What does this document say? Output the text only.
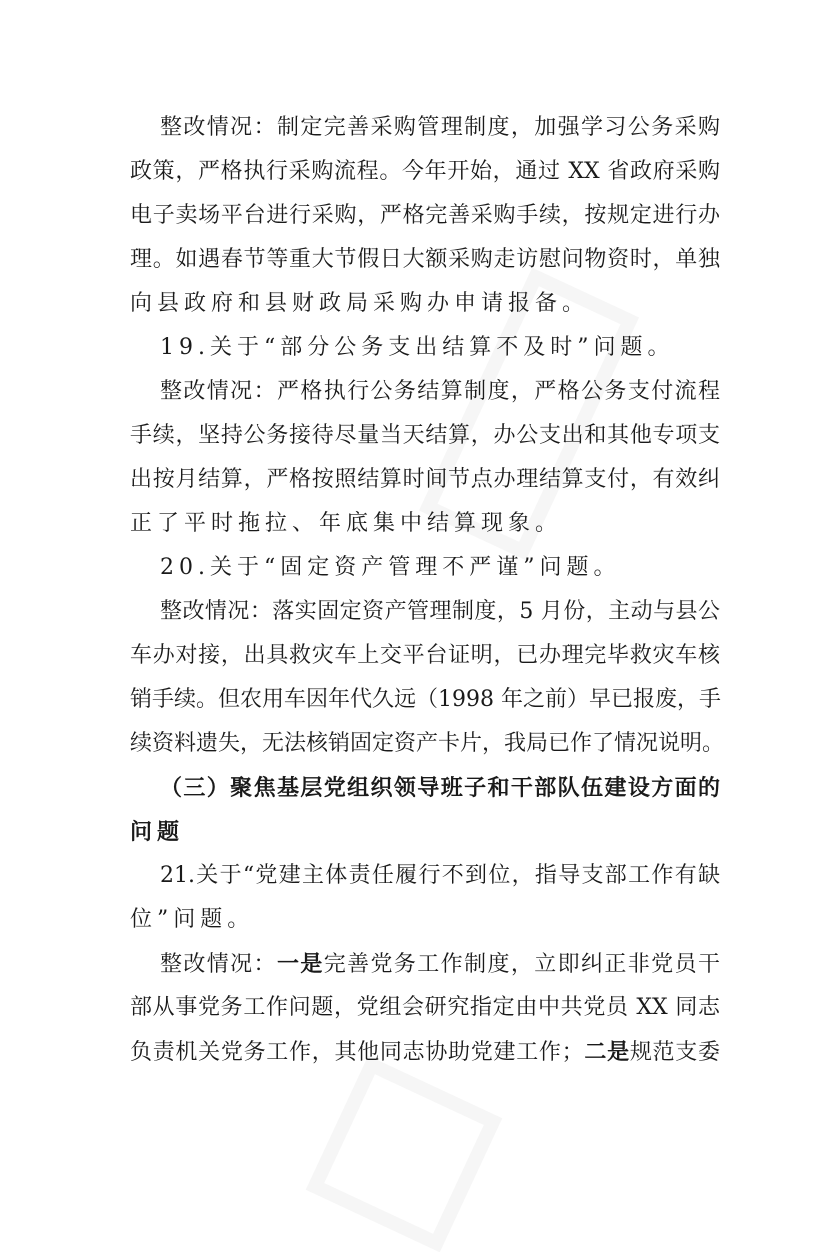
整改情况：制定完善采购管理制度，加强学习公务采购
政策，严格执行采购流程。今年开始，通过 XX 省政府采购
电子卖场平台进行采购，严格完善采购手续，按规定进行办
理。如遇春节等重大节假日大额采购走访慰问物资时，单独
向县政府和县财政局采购办申请报备。
19.关于“部分公务支出结算不及时”问题。
整改情况：严格执行公务结算制度，严格公务支付流程
手续，坚持公务接待尽量当天结算，办公支出和其他专项支
出按月结算，严格按照结算时间节点办理结算支付，有效纠
正了平时拖拉、年底集中结算现象。
20.关于“固定资产管理不严谨”问题。
整改情况：落实固定资产管理制度，5 月份，主动与县公
车办对接，出具救灾车上交平台证明，已办理完毕救灾车核
销手续。但农用车因年代久远（1998 年之前）早已报废，手
续资料遗失，无法核销固定资产卡片，我局已作了情况说明。
（三）聚焦基层党组织领导班子和干部队伍建设方面的
问题
21.关于“党建主体责任履行不到位，指导支部工作有缺
位”问题。
整改情况：一是完善党务工作制度，立即纠正非党员干
部从事党务工作问题，党组会研究指定由中共党员 XX 同志
负责机关党务工作，其他同志协助党建工作；二是规范支委
